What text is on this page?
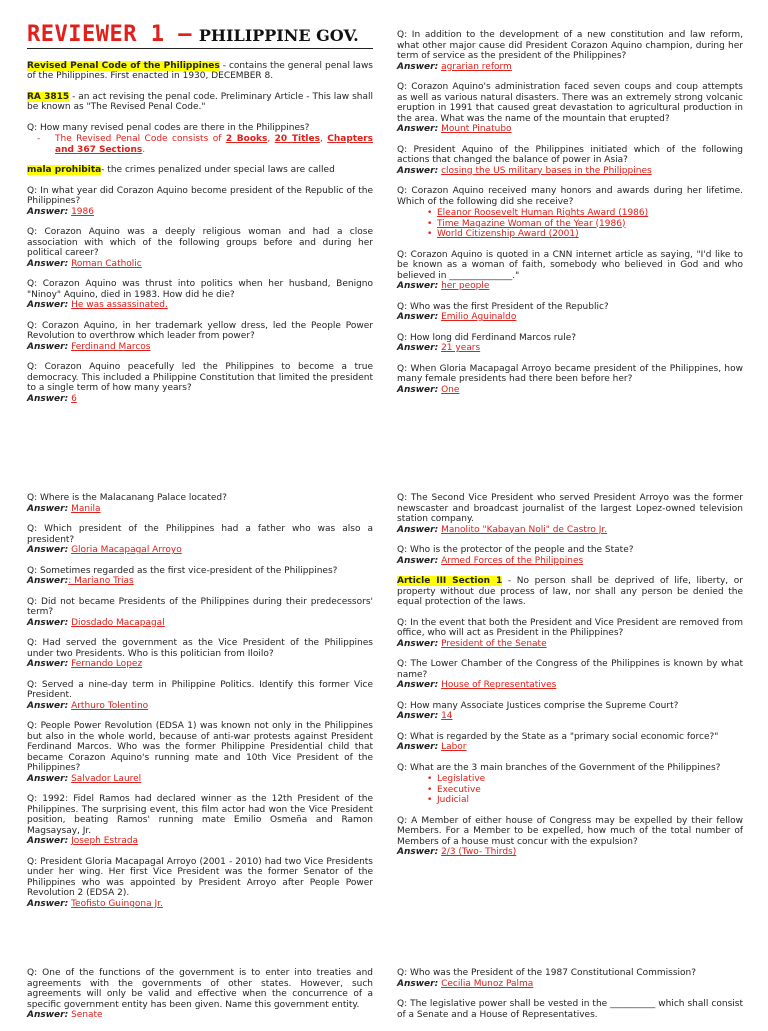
REVIEWER 1 – PHILIPPINE GOV.

Revised Penal Code of the Philippines - contains the general penal laws of the Philippines. First enacted in 1930, DECEMBER 8.

RA 3815 - an act revising the penal code. Preliminary Article - This law shall be known as "The Revised Penal Code."

Q: How many revised penal codes are there in the Philippines?
- The Revised Penal Code consists of 2 Books, 20 Titles, Chapters and 367 Sections.

mala prohibita- the crimes penalized under special laws are called

Q: In what year did Corazon Aquino become president of the Republic of the Philippines?
Answer: 1986
Q: Corazon Aquino was a deeply religious woman and had a close association with which of the following groups before and during her political career?
Answer: Roman Catholic
Q: Corazon Aquino was thrust into politics when her husband, Benigno "Ninoy" Aquino, died in 1983. How did he die?
Answer: He was assassinated.
Q: Corazon Aquino, in her trademark yellow dress, led the People Power Revolution to overthrow which leader from power?
Answer: Ferdinand Marcos
Q: Corazon Aquino peacefully led the Philippines to become a true democracy. This included a Philippine Constitution that limited the president to a single term of how many years?
Answer: 6
Q: In addition to the development of a new constitution and law reform, what other major cause did President Corazon Aquino champion, during her term of service as the president of the Philippines?
Answer: agrarian reform
Q: Corazon Aquino's administration faced seven coups and coup attempts as well as various natural disasters. There was an extremely strong volcanic eruption in 1991 that caused great devastation to agricultural production in the area. What was the name of the mountain that erupted?
Answer: Mount Pinatubo
Q: President Aquino of the Philippines initiated which of the following actions that changed the balance of power in Asia?
Answer: closing the US military bases in the Philippines
Q: Corazon Aquino received many honors and awards during her lifetime. Which of the following did she receive?
• Eleanor Roosevelt Human Rights Award (1986)
• Time Magazine Woman of the Year (1986)
• World Citizenship Award (2001)
Q: Corazon Aquino is quoted in a CNN internet article as saying, "I'd like to be known as a woman of faith, somebody who believed in God and who believed in ______________."
Answer: her people
Q: Who was the first President of the Republic?
Answer: Emilio Aguinaldo
Q: How long did Ferdinand Marcos rule?
Answer: 21 years
Q: When Gloria Macapagal Arroyo became president of the Philippines, how many female presidents had there been before her?
Answer: One
Q: Where is the Malacanang Palace located?
Answer: Manila
Q: Which president of the Philippines had a father who was also a president?
Answer: Gloria Macapagal Arroyo
Q: Sometimes regarded as the first vice-president of the Philippines?
Answer:: Mariano Trias
Q: Did not became Presidents of the Philippines during their predecessors' term?
Answer: Diosdado Macapagal
Q: Had served the government as the Vice President of the Philippines under two Presidents. Who is this politician from Iloilo?
Answer: Fernando Lopez
Q: Served a nine-day term in Philippine Politics. Identify this former Vice President.
Answer: Arthuro Tolentino
Q: People Power Revolution (EDSA 1) was known not only in the Philippines but also in the whole world, because of anti-war protests against President Ferdinand Marcos. Who was the former Philippine Presidential child that became Corazon Aquino's running mate and 10th Vice President of the Philippines?
Answer: Salvador Laurel
Q: 1992: Fidel Ramos had declared winner as the 12th President of the Philippines. The surprising event, this film actor had won the Vice President position, beating Ramos' running mate Emilio Osmeña and Ramon Magsaysay, Jr.
Answer: Joseph Estrada
Q: President Gloria Macapagal Arroyo (2001 - 2010) had two Vice Presidents under her wing. Her first Vice President was the former Senator of the Philippines who was appointed by President Arroyo after People Power Revolution 2 (EDSA 2).
Answer: Teofisto Guingona Jr.
Q: The Second Vice President who served President Arroyo was the former newscaster and broadcast journalist of the largest Lopez-owned television station company.
Answer: Manolito "Kabayan Noli" de Castro Jr.
Q: Who is the protector of the people and the State?
Answer: Armed Forces of the Philippines

Article III Section 1 - No person shall be deprived of life, liberty, or property without due process of law, nor shall any person be denied the equal protection of the laws.

Q: In the event that both the President and Vice President are removed from office, who will act as President in the Philippines?
Answer: President of the Senate
Q: The Lower Chamber of the Congress of the Philippines is known by what name?
Answer: House of Representatives
Q: How many Associate Justices comprise the Supreme Court?
Answer: 14
Q: What is regarded by the State as a "primary social economic force?"
Answer: Labor
Q: What are the 3 main branches of the Government of the Philippines?
• Legislative
• Executive
• Judicial
Q: A Member of either house of Congress may be expelled by their fellow Members. For a Member to be expelled, how much of the total number of Members of a house must concur with the expulsion?
Answer: 2/3 (Two- Thirds)
Q: One of the functions of the government is to enter into treaties and agreements with the governments of other states. However, such agreements will only be valid and effective when the concurrence of a specific government entity has been given. Name this government entity.
Answer: Senate
Q: Who was the President of the 1987 Constitutional Commission?
Answer: Cecilia Munoz Palma
Q: The legislative power shall be vested in the __________ which shall consist of a Senate and a House of Representatives.
